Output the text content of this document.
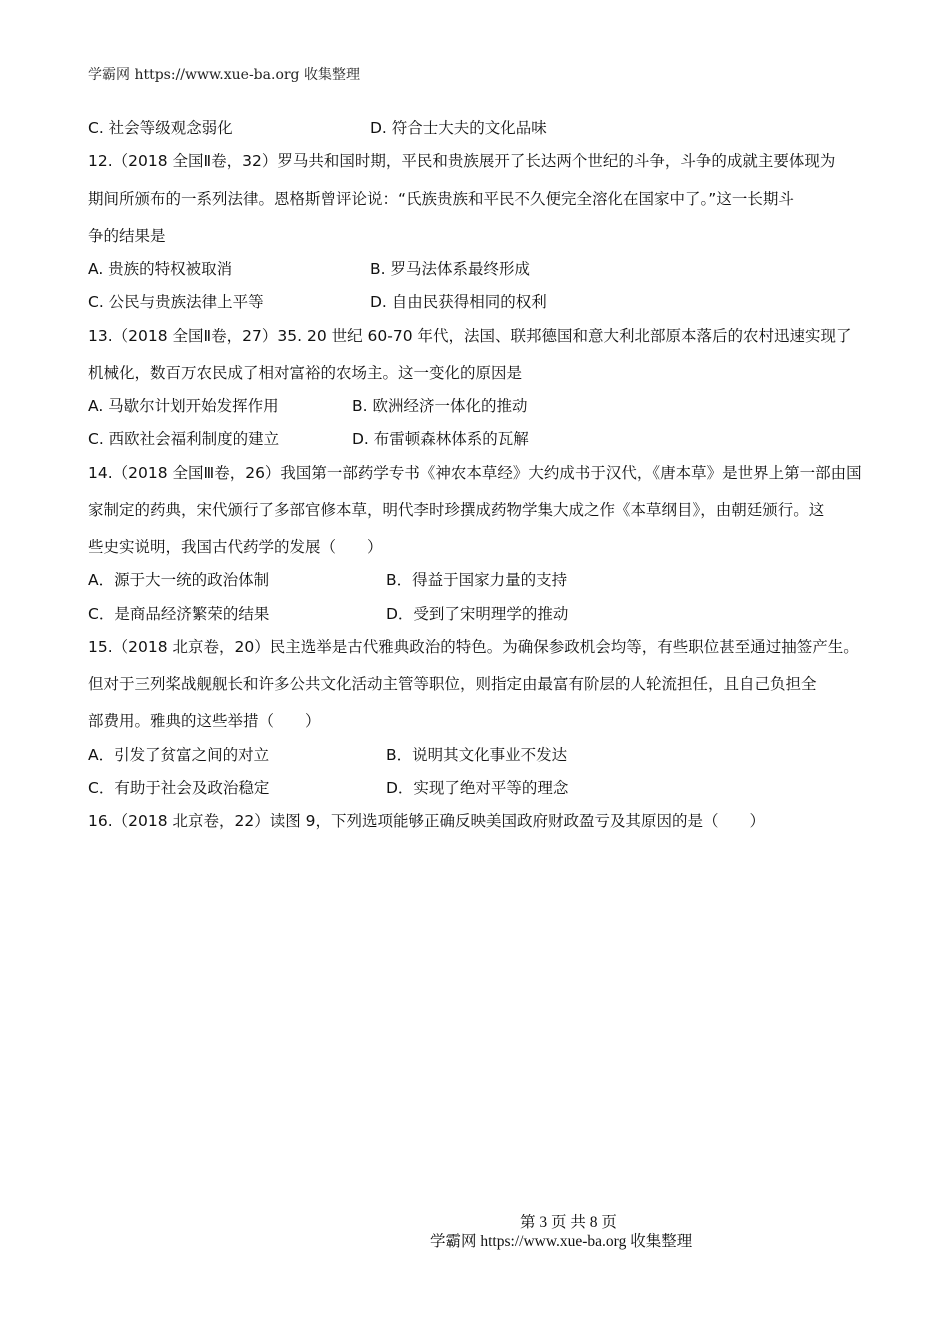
学霸网 https://www.xue-ba.org 收集整理
C. 社会等级观念弱化	D. 符合士大夫的文化品味
12.（2018 全国Ⅱ卷，32）罗马共和国时期，平民和贵族展开了长达两个世纪的斗争，斗争的成就主要体现为
期间所颁布的一系列法律。恩格斯曾评论说：“氏族贵族和平民不久便完全溶化在国家中了。”这一长期斗
争的结果是
A. 贵族的特权被取消	B. 罗马法体系最终形成
C. 公民与贵族法律上平等	D. 自由民获得相同的权利
13.（2018 全国Ⅱ卷，27）35. 20 世纪 60-70 年代，法国、联邦德国和意大利北部原本落后的农村迅速实现了
机械化，数百万农民成了相对富裕的农场主。这一变化的原因是
A. 马歇尔计划开始发挥作用	B. 欧洲经济一体化的推动
C. 西欧社会福利制度的建立	D. 布雷顿森林体系的瓦解
14.（2018 全国Ⅲ卷，26）我国第一部药学专书《神农本草经》大约成书于汉代，《唐本草》是世界上第一部由国
家制定的药典，宋代颁行了多部官修本草，明代李时珍撰成药物学集大成之作《本草纲目》，由朝廷颁行。这
些史实说明，我国古代药学的发展（　　）
A．源于大一统的政治体制	B．得益于国家力量的支持
C．是商品经济繁荣的结果	D．受到了宋明理学的推动
15.（2018 北京卷，20）民主选举是古代雅典政治的特色。为确保参政机会均等，有些职位甚至通过抽签产生。
但对于三列桨战舰舰长和许多公共文化活动主管等职位，则指定由最富有阶层的人轮流担任，且自己负担全
部费用。雅典的这些举措（　　）
A．引发了贫富之间的对立	B．说明其文化事业不发达
C．有助于社会及政治稳定	D．实现了绝对平等的理念
16.（2018 北京卷，22）读图 9，下列选项能够正确反映美国政府财政盈亏及其原因的是（　　）
第 3 页 共 8 页
学霸网 https://www.xue-ba.org 收集整理
